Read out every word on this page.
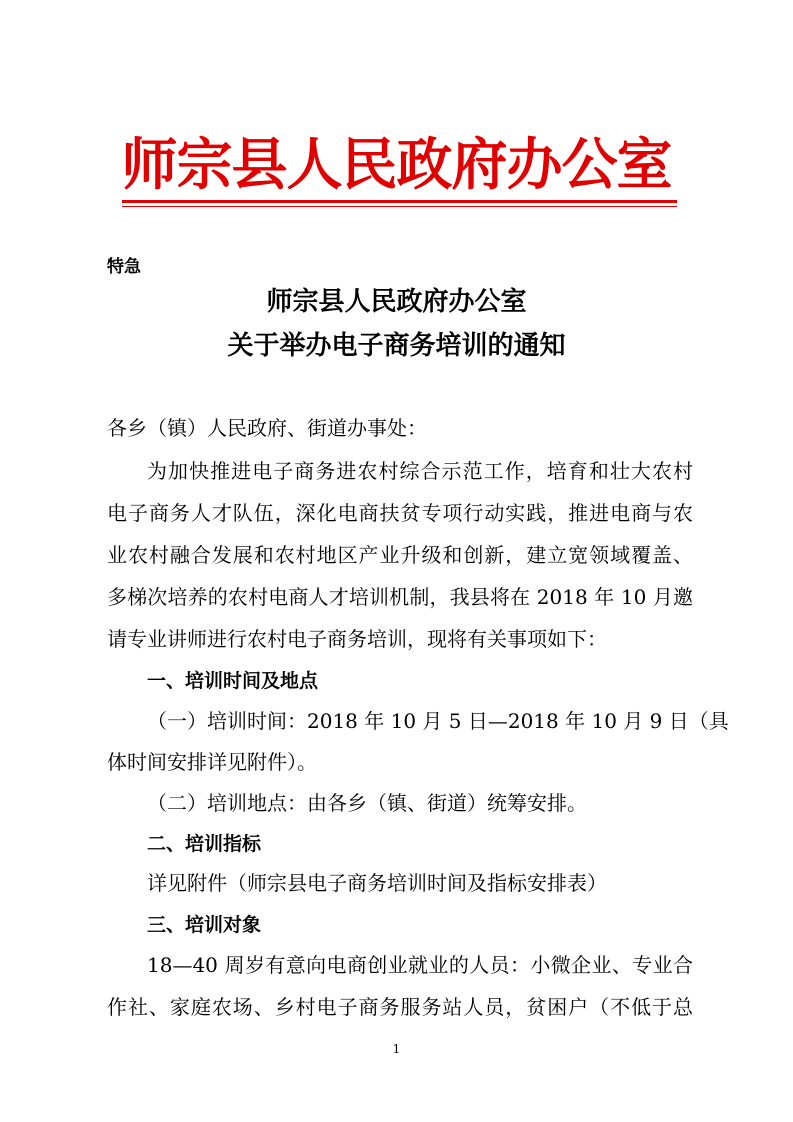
师宗县人民政府办公室
特急
师宗县人民政府办公室
关于举办电子商务培训的通知
各乡（镇）人民政府、街道办事处：
为加快推进电子商务进农村综合示范工作，培育和壮大农村
电子商务人才队伍，深化电商扶贫专项行动实践，推进电商与农
业农村融合发展和农村地区产业升级和创新，建立宽领域覆盖、
多梯次培养的农村电商人才培训机制，我县将在 2018 年 10 月邀
请专业讲师进行农村电子商务培训，现将有关事项如下：
一、培训时间及地点
（一）培训时间：2018 年 10 月 5 日—2018 年 10 月 9 日（具
体时间安排详见附件）。
（二）培训地点：由各乡（镇、街道）统筹安排。
二、培训指标
详见附件（师宗县电子商务培训时间及指标安排表）
三、培训对象
18—40 周岁有意向电商创业就业的人员：小微企业、专业合
作社、家庭农场、乡村电子商务服务站人员，贫困户（不低于总
1
